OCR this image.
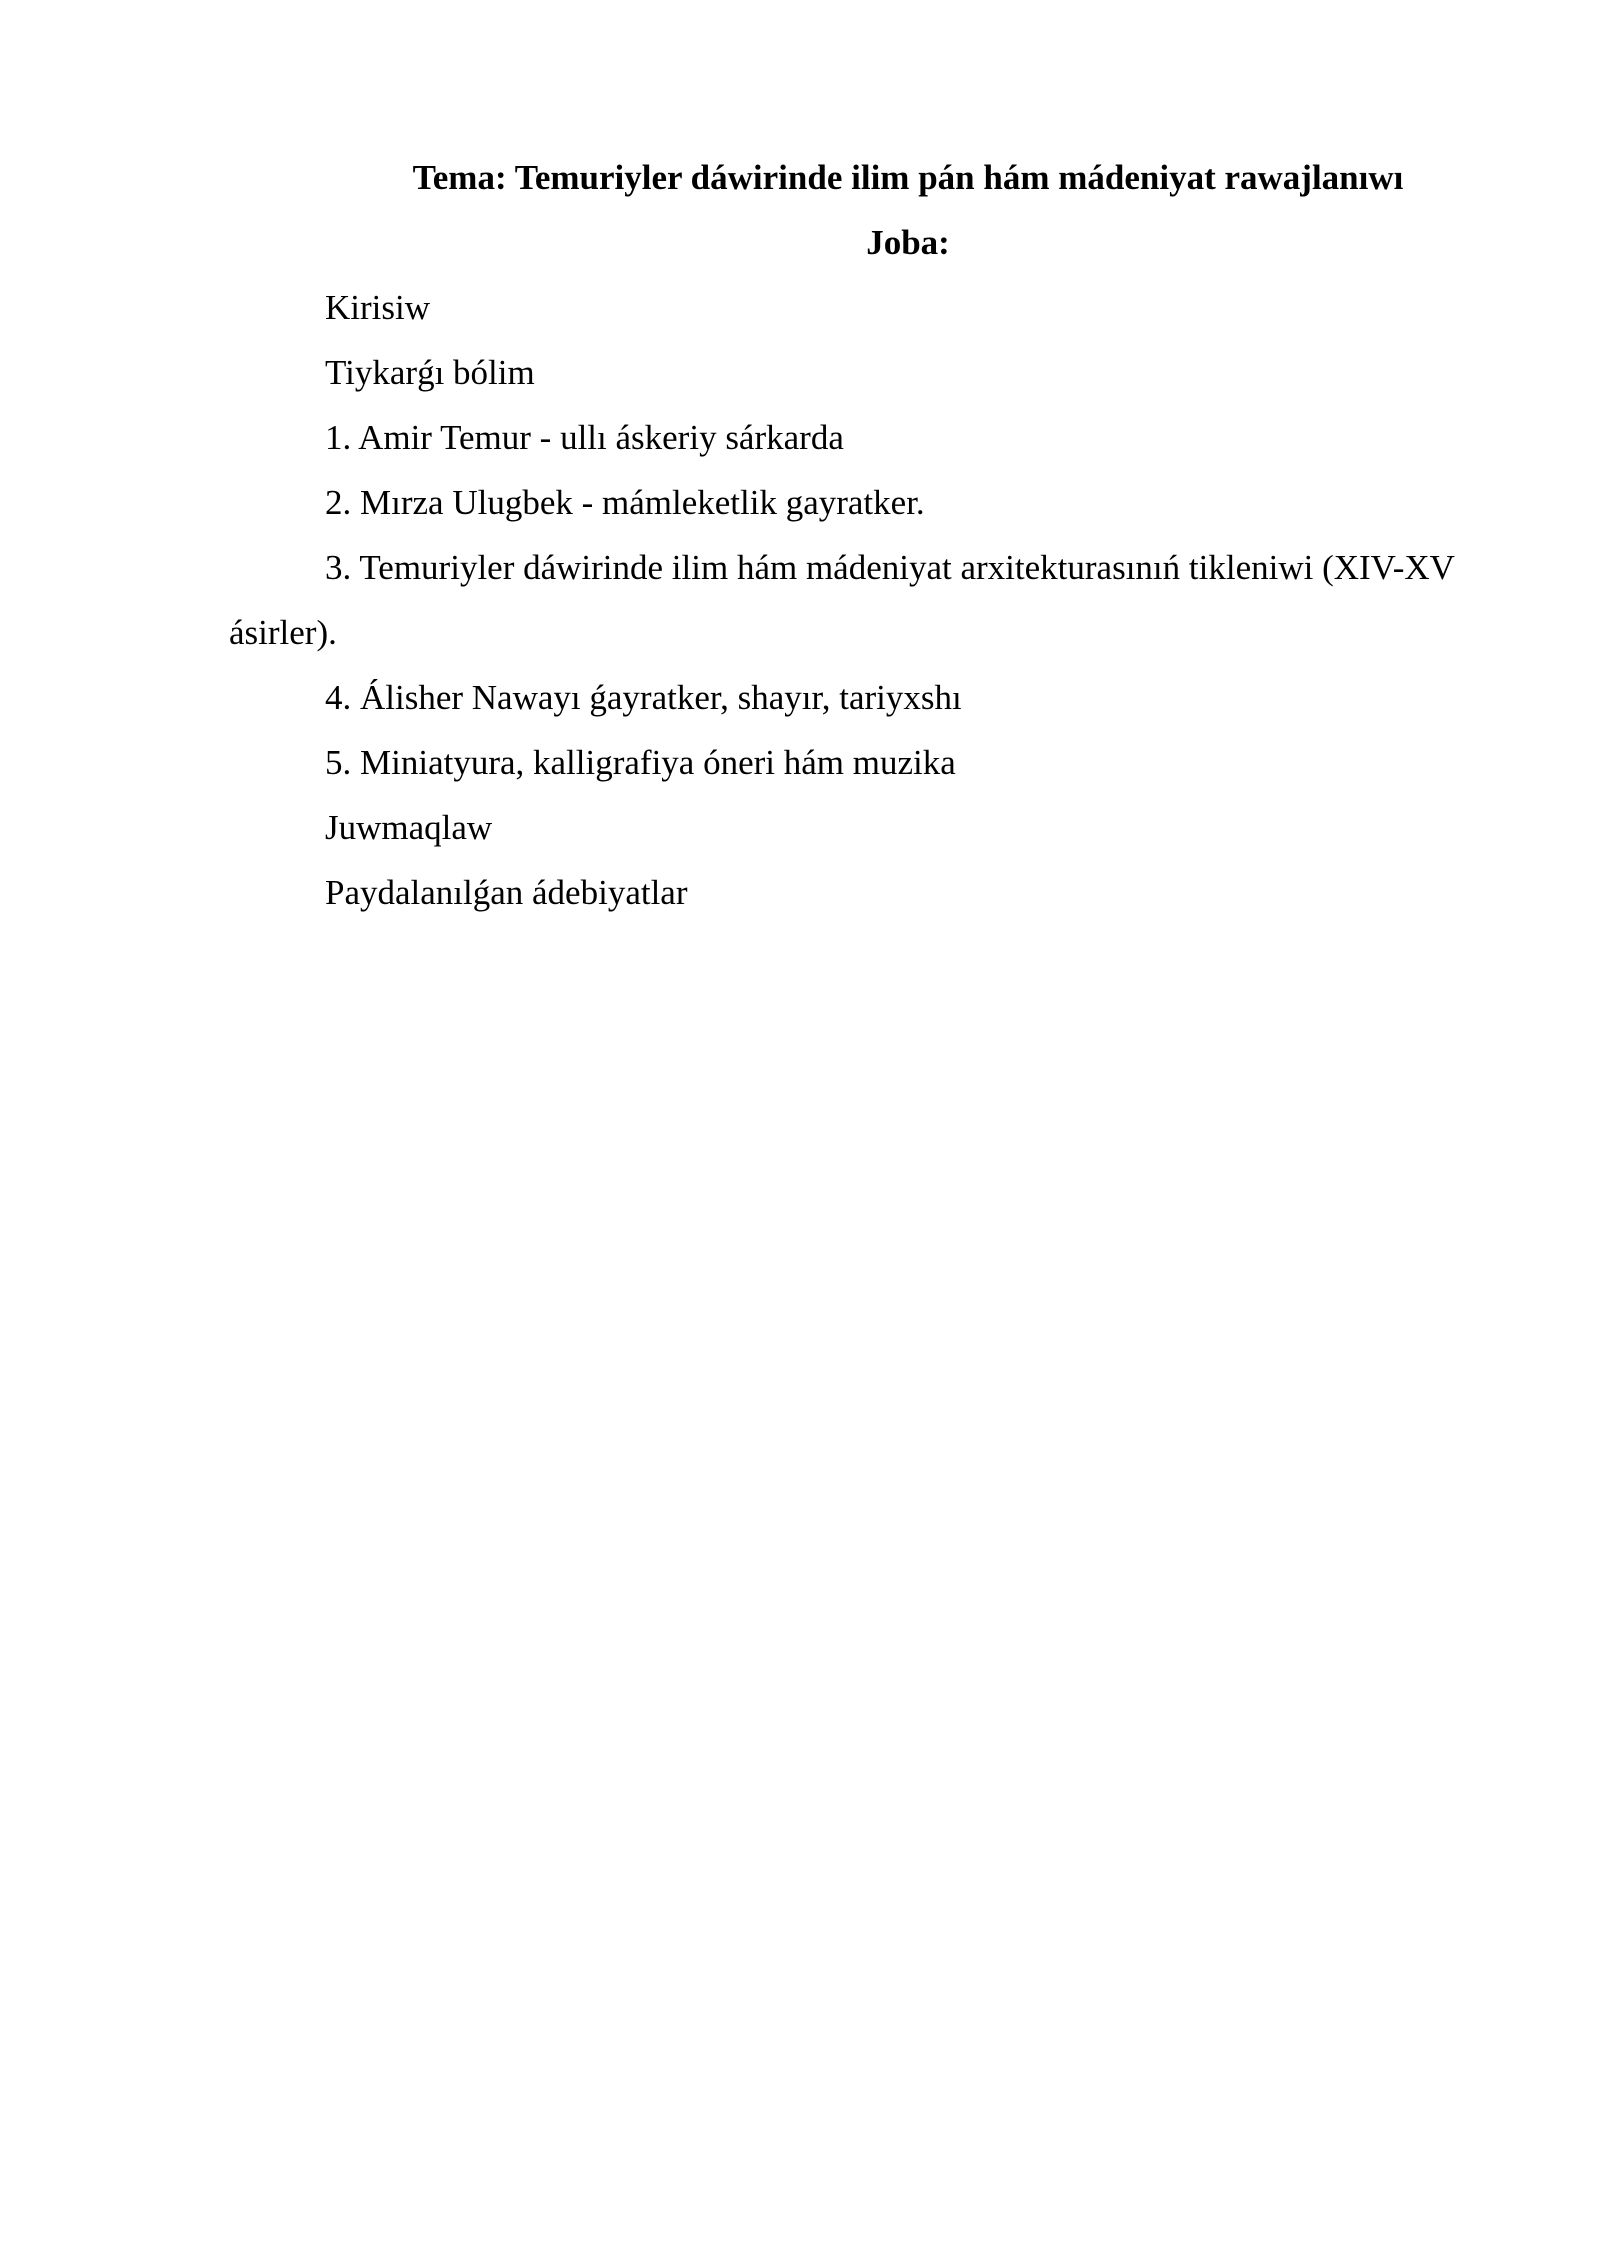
Tema: Temuriyler dáwirinde ilim pán hám mádeniyat rawajlanıwı

Joba:

Kirisiw
Tiykarǵı bólim
1. Amir Temur - ullı áskeriy sárkarda
2. Mırza Ulugbek - mámleketlik gayratker.
3. Temuriyler dáwirinde ilim hám mádeniyat arxitekturasınıń tikleniwi (XIV-XV ásirler).
4. Álisher Nawayı ǵayratker, shayır, tariyxshı
5. Miniatyura, kalligrafiya óneri hám muzika
Juwmaqlaw
Paydalanılǵan ádebiyatlar
